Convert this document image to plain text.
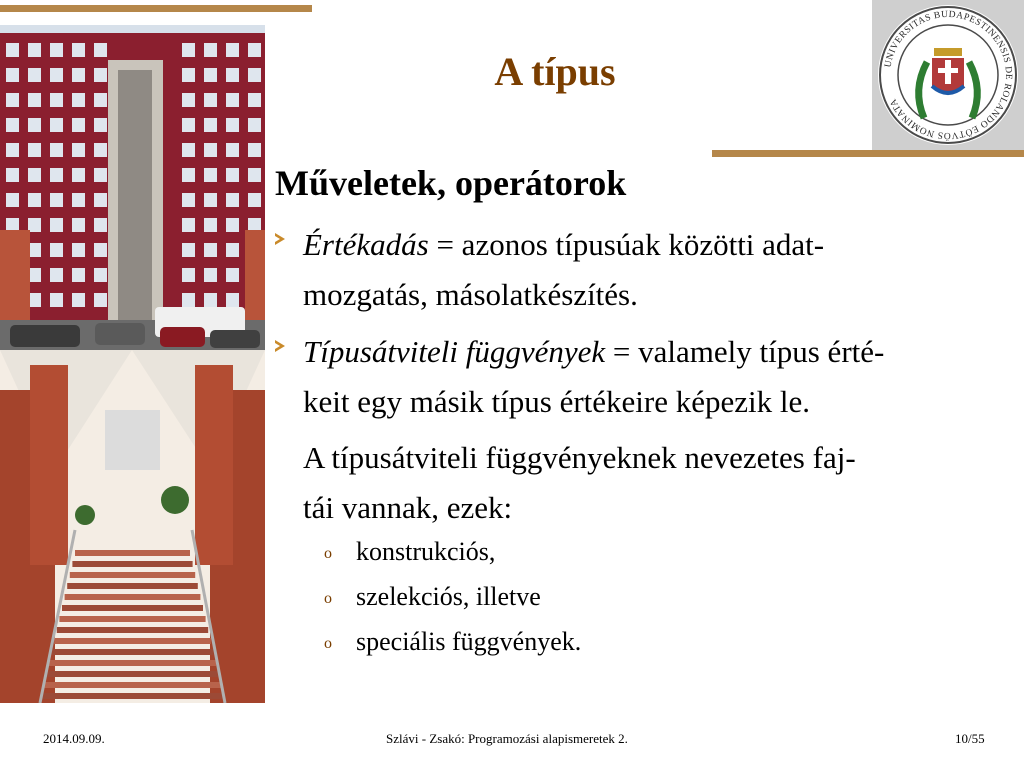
UNIVERSITAS BUDAPESTINENSIS DE ROLANDO EÖTVÖS NOMINATA
A típus
Műveletek, operátorok
Értékadás = azonos típusúak közötti adat-
mozgatás, másolatkészítés.
Típusátviteli függvények = valamely típus érté-
keit egy másik típus értékeire képezik le.
A típusátviteli függvényeknek nevezetes faj-
tái vannak, ezek:
o konstrukciós,
o szelekciós, illetve
o speciális függvények.
2014.09.09.	Szlávi - Zsakó: Programozási alapismeretek 2.	10/55
